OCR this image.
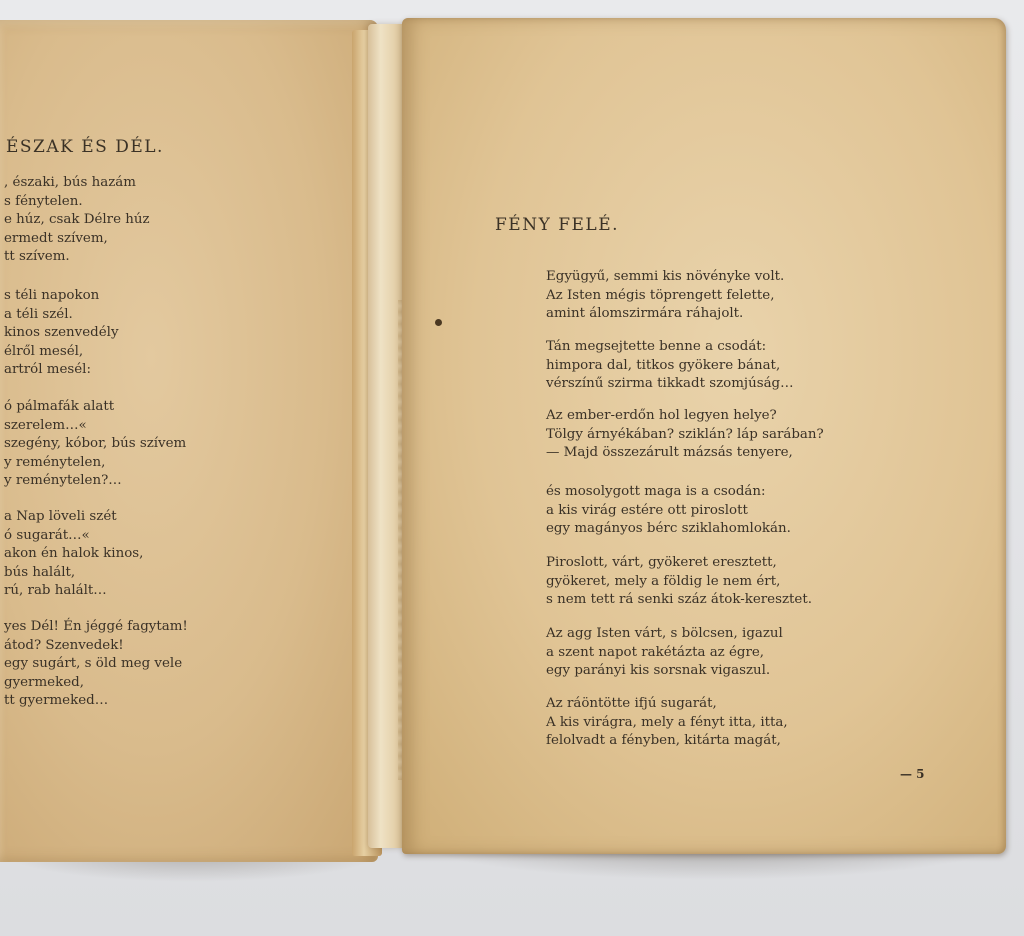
ÉSZAK ÉS DÉL.
, északi, bús hazám
s fénytelen.
e húz, csak Délre húz
ermedt szívem,
tt szívem.
s téli napokon
a téli szél.
kinos szenvedély
élről mesél,
artról mesél:
ó pálmafák alatt
szerelem…«
szegény, kóbor, bús szívem
y reménytelen,
y reménytelen?…
a Nap löveli szét
ó sugarát…«
akon én halok kinos,
bús halált,
rú, rab halált…
yes Dél! Én jéggé fagytam!
átod? Szenvedek!
egy sugárt, s öld meg vele
gyermeked,
tt gyermeked…
FÉNY FELÉ.
Együgyű, semmi kis növényke volt.
Az Isten mégis töprengett felette,
amint álomszirmára ráhajolt.
Tán megsejtette benne a csodát:
himpora dal, titkos gyökere bánat,
vérszínű szirma tikkadt szomjúság…
Az ember-erdőn hol legyen helye?
Tölgy árnyékában? sziklán? láp sarában?
— Majd összezárult mázsás tenyere,
és mosolygott maga is a csodán:
a kis virág estére ott piroslott
egy magányos bérc sziklahomlokán.
Piroslott, várt, gyökeret eresztett,
gyökeret, mely a földig le nem ért,
s nem tett rá senki száz átok-keresztet.
Az agg Isten várt, s bölcsen, igazul
a szent napot rakétázta az égre,
egy parányi kis sorsnak vigaszul.
Az ráöntötte ifjú sugarát,
A kis virágra, mely a fényt itta, itta,
felolvadt a fényben, kitárta magát,
— 5
